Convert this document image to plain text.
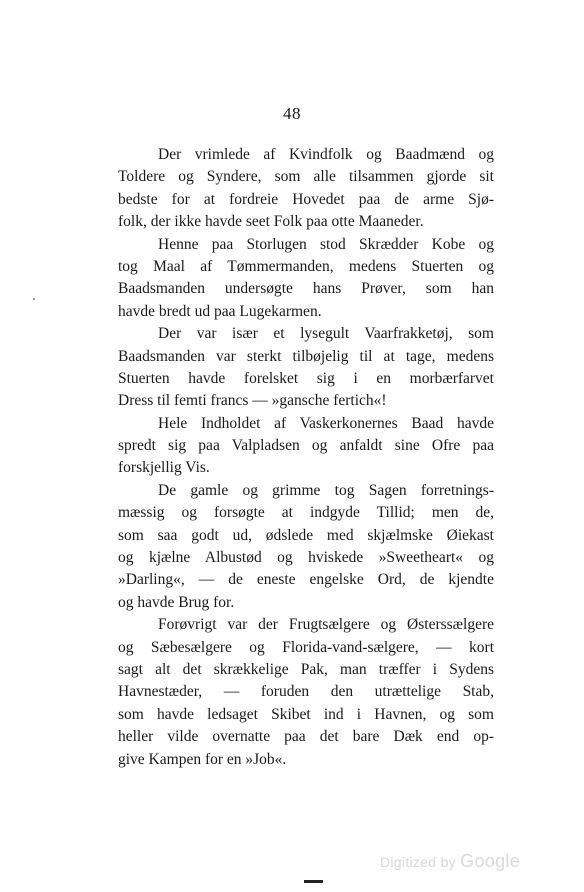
48
Der vrimlede af Kvindfolk og Baadmænd og
Toldere og Syndere, som alle tilsammen gjorde sit
bedste for at fordreie Hovedet paa de arme Sjø-
folk, der ikke havde seet Folk paa otte Maaneder.
Henne paa Storlugen stod Skrædder Kobe og
tog Maal af Tømmermanden, medens Stuerten og
Baadsmanden undersøgte hans Prøver, som han
havde bredt ud paa Lugekarmen.
Der var især et lysegult Vaarfrakketøj, som
Baadsmanden var sterkt tilbøjelig til at tage, medens
Stuerten havde forelsket sig i en morbærfarvet
Dress til femti francs — »gansche fertich«!
Hele Indholdet af Vaskerkonernes Baad havde
spredt sig paa Valpladsen og anfaldt sine Ofre paa
forskjellig Vis.
De gamle og grimme tog Sagen forretnings-
mæssig og forsøgte at indgyde Tillid; men de,
som saa godt ud, ødslede med skjælmske Øiekast
og kjælne Albustød og hviskede »Sweetheart« og
»Darling«, — de eneste engelske Ord, de kjendte
og havde Brug for.
Forøvrigt var der Frugtsælgere og Østerssælgere
og Sæbesælgere og Florida-vand-sælgere, — kort
sagt alt det skrækkelige Pak, man træffer i Sydens
Havnestæder, — foruden den utrættelige Stab,
som havde ledsaget Skibet ind i Havnen, og som
heller vilde overnatte paa det bare Dæk end op-
give Kampen for en »Job«.
Digitized by Google
